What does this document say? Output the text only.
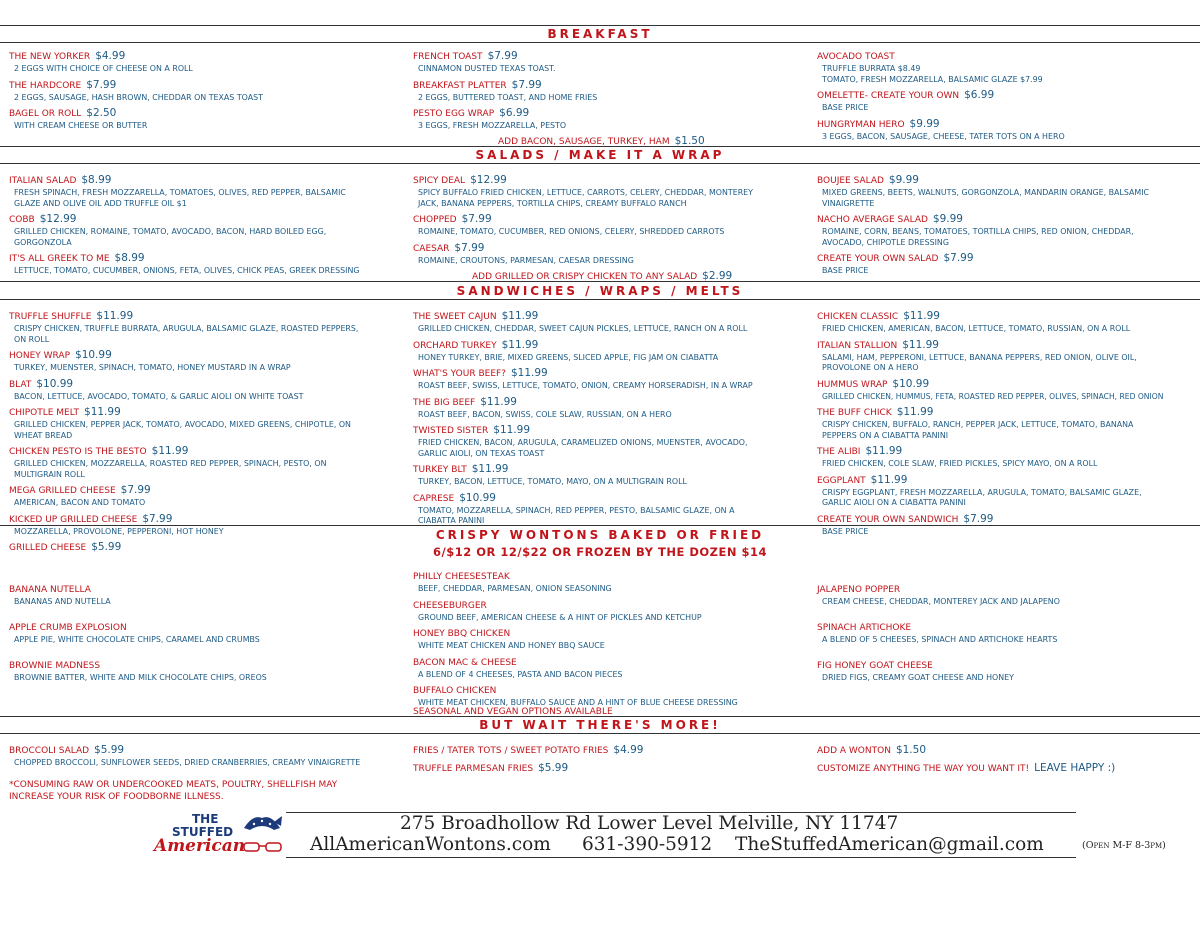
BREAKFAST
SALADS / MAKE IT A WRAP
SANDWICHES / WRAPS / MELTS
CRISPY WONTONS BAKED OR FRIED
6/$12 OR 12/$22 OR FROZEN BY THE DOZEN $14
BUT WAIT THERE'S MORE!
THE NEW YORKER $4.99
2 EGGS WITH CHOICE OF CHEESE ON A ROLL
THE HARDCORE $7.99
2 EGGS, SAUSAGE, HASH BROWN, CHEDDAR ON TEXAS TOAST
BAGEL OR ROLL $2.50
WITH CREAM CHEESE OR BUTTER
FRENCH TOAST $7.99
CINNAMON DUSTED TEXAS TOAST.
BREAKFAST PLATTER $7.99
2 EGGS, BUTTERED TOAST, AND HOME FRIES
PESTO EGG WRAP $6.99
3 EGGS, FRESH MOZZARELLA, PESTO
AVOCADO TOAST
TRUFFLE BURRATA $8.49
TOMATO, FRESH MOZZARELLA, BALSAMIC GLAZE $7.99
OMELETTE- CREATE YOUR OWN $6.99
BASE PRICE
HUNGRYMAN HERO $9.99
3 EGGS, BACON, SAUSAGE, CHEESE, TATER TOTS ON A HERO
ADD BACON, SAUSAGE, TURKEY, HAM $1.50
ITALIAN SALAD $8.99
FRESH SPINACH, FRESH MOZZARELLA, TOMATOES, OLIVES, RED PEPPER, BALSAMIC
GLAZE AND OLIVE OIL ADD TRUFFLE OIL $1
COBB $12.99
GRILLED CHICKEN, ROMAINE, TOMATO, AVOCADO, BACON, HARD BOILED EGG,
GORGONZOLA
IT'S ALL GREEK TO ME $8.99
LETTUCE, TOMATO, CUCUMBER, ONIONS, FETA, OLIVES, CHICK PEAS, GREEK DRESSING
SPICY DEAL $12.99
SPICY BUFFALO FRIED CHICKEN, LETTUCE, CARROTS, CELERY, CHEDDAR, MONTEREY
JACK, BANANA PEPPERS, TORTILLA CHIPS, CREAMY BUFFALO RANCH
CHOPPED $7.99
ROMAINE, TOMATO, CUCUMBER, RED ONIONS, CELERY, SHREDDED CARROTS
CAESAR $7.99
ROMAINE, CROUTONS, PARMESAN, CAESAR DRESSING
BOUJEE SALAD $9.99
MIXED GREENS, BEETS, WALNUTS, GORGONZOLA, MANDARIN ORANGE, BALSAMIC
VINAIGRETTE
NACHO AVERAGE SALAD $9.99
ROMAINE, CORN, BEANS, TOMATOES, TORTILLA CHIPS, RED ONION, CHEDDAR,
AVOCADO, CHIPOTLE DRESSING
CREATE YOUR OWN SALAD $7.99
BASE PRICE
ADD GRILLED OR CRISPY CHICKEN TO ANY SALAD $2.99
TRUFFLE SHUFFLE $11.99
CRISPY CHICKEN, TRUFFLE BURRATA, ARUGULA, BALSAMIC GLAZE, ROASTED PEPPERS,
ON ROLL
HONEY WRAP $10.99
TURKEY, MUENSTER, SPINACH, TOMATO, HONEY MUSTARD IN A WRAP
BLAT $10.99
BACON, LETTUCE, AVOCADO, TOMATO, & GARLIC AIOLI ON WHITE TOAST
CHIPOTLE MELT $11.99
GRILLED CHICKEN, PEPPER JACK, TOMATO, AVOCADO, MIXED GREENS, CHIPOTLE, ON
WHEAT BREAD
CHICKEN PESTO IS THE BESTO $11.99
GRILLED CHICKEN, MOZZARELLA, ROASTED RED PEPPER, SPINACH, PESTO, ON
MULTIGRAIN ROLL
MEGA GRILLED CHEESE $7.99
AMERICAN, BACON AND TOMATO
KICKED UP GRILLED CHEESE $7.99
MOZZARELLA, PROVOLONE, PEPPERONI, HOT HONEY
GRILLED CHEESE $5.99
THE SWEET CAJUN $11.99
GRILLED CHICKEN, CHEDDAR, SWEET CAJUN PICKLES, LETTUCE, RANCH ON A ROLL
ORCHARD TURKEY $11.99
HONEY TURKEY, BRIE, MIXED GREENS, SLICED APPLE, FIG JAM ON CIABATTA
WHAT'S YOUR BEEF? $11.99
ROAST BEEF, SWISS, LETTUCE, TOMATO, ONION, CREAMY HORSERADISH, IN A WRAP
THE BIG BEEF $11.99
ROAST BEEF, BACON, SWISS, COLE SLAW, RUSSIAN, ON A HERO
TWISTED SISTER $11.99
FRIED CHICKEN, BACON, ARUGULA, CARAMELIZED ONIONS, MUENSTER, AVOCADO,
GARLIC AIOLI, ON TEXAS TOAST
TURKEY BLT $11.99
TURKEY, BACON, LETTUCE, TOMATO, MAYO, ON A MULTIGRAIN ROLL
CAPRESE $10.99
TOMATO, MOZZARELLA, SPINACH, RED PEPPER, PESTO, BALSAMIC GLAZE, ON A
CIABATTA PANINI
CHICKEN CLASSIC $11.99
FRIED CHICKEN, AMERICAN, BACON, LETTUCE, TOMATO, RUSSIAN, ON A ROLL
ITALIAN STALLION $11.99
SALAMI, HAM, PEPPERONI, LETTUCE, BANANA PEPPERS, RED ONION, OLIVE OIL,
PROVOLONE ON A HERO
HUMMUS WRAP $10.99
GRILLED CHICKEN, HUMMUS, FETA, ROASTED RED PEPPER, OLIVES, SPINACH, RED ONION
THE BUFF CHICK $11.99
CRISPY CHICKEN, BUFFALO, RANCH, PEPPER JACK, LETTUCE, TOMATO, BANANA
PEPPERS ON A CIABATTA PANINI
THE ALIBI $11.99
FRIED CHICKEN, COLE SLAW, FRIED PICKLES, SPICY MAYO, ON A ROLL
EGGPLANT $11.99
CRISPY EGGPLANT, FRESH MOZZARELLA, ARUGULA, TOMATO, BALSAMIC GLAZE,
GARLIC AIOLI ON A CIABATTA PANINI
CREATE YOUR OWN SANDWICH $7.99
BASE PRICE
BANANA NUTELLA
BANANAS AND NUTELLA
APPLE CRUMB EXPLOSION
APPLE PIE, WHITE CHOCOLATE CHIPS, CARAMEL AND CRUMBS
BROWNIE MADNESS
BROWNIE BATTER, WHITE AND MILK CHOCOLATE CHIPS, OREOS
PHILLY CHEESESTEAK
BEEF, CHEDDAR, PARMESAN, ONION SEASONING
CHEESEBURGER
GROUND BEEF, AMERICAN CHEESE & A HINT OF PICKLES AND KETCHUP
HONEY BBQ CHICKEN
WHITE MEAT CHICKEN AND HONEY BBQ SAUCE
BACON MAC & CHEESE
A BLEND OF 4 CHEESES, PASTA AND BACON PIECES
BUFFALO CHICKEN
WHITE MEAT CHICKEN, BUFFALO SAUCE AND A HINT OF BLUE CHEESE DRESSING
SEASONAL AND VEGAN OPTIONS AVAILABLE
JALAPENO POPPER
CREAM CHEESE, CHEDDAR, MONTEREY JACK AND JALAPENO
SPINACH ARTICHOKE
A BLEND OF 5 CHEESES, SPINACH AND ARTICHOKE HEARTS
FIG HONEY GOAT CHEESE
DRIED FIGS, CREAMY GOAT CHEESE AND HONEY
BROCCOLI SALAD $5.99
CHOPPED BROCCOLI, SUNFLOWER SEEDS, DRIED CRANBERRIES, CREAMY VINAIGRETTE
*CONSUMING RAW OR UNDERCOOKED MEATS, POULTRY, SHELLFISH MAY
INCREASE YOUR RISK OF FOODBORNE ILLNESS.
FRIES / TATER TOTS / SWEET POTATO FRIES $4.99
TRUFFLE PARMESAN FRIES $5.99
ADD A WONTON $1.50
CUSTOMIZE ANYTHING THE WAY YOU WANT IT! LEAVE HAPPY :)
THE
STUFFED
American
275 Broadhollow Rd Lower Level Melville, NY 11747
AllAmericanWontons.com 631-390-5912 TheStuffedAmerican@gmail.com	(Open M-F 8-3pm)
